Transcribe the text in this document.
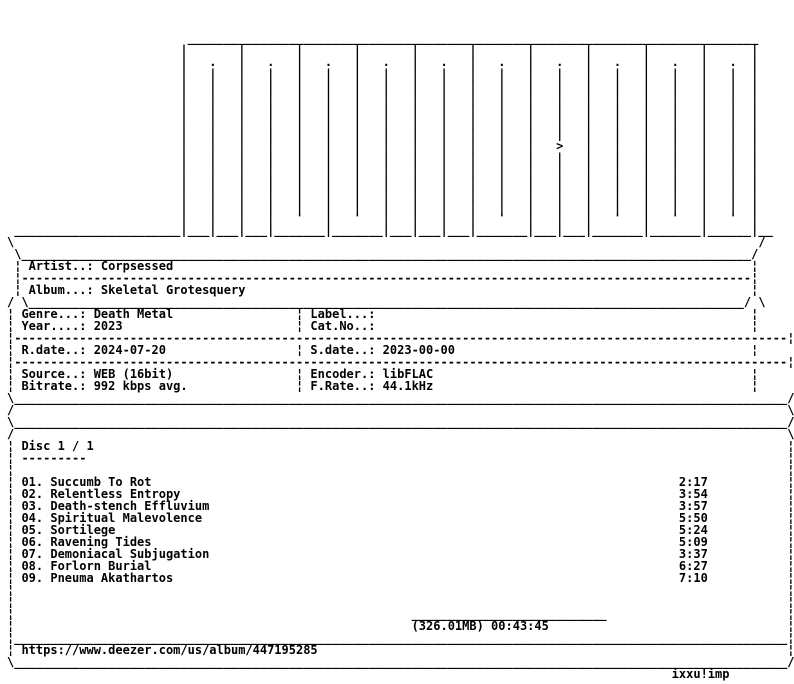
_______________________________________________________________________________
|       |       |       |       |       |       |       |       |       |      |
|   .   |   .   |   .   |   .   |   .   |   .   |   .   |   .   |   .   |   .  |
|   |   |   |   |   |   |   |   |   |   |   |   |   |   |   |   |   |   |   |  |
|   |   |   |   |   |   |   |   |   |   |   |   |   |   |   |   |   |   |   |  |
|   |   |   |   |   |   |   |   |   |   |   |   |   |   |   |   |   |   |   |  |
|   |   |   |   |   |   |   |   |   |   |   |   |   |   |   |   |   |   |   |  |
|   |   |   |   |   |   |   |   |   |   |   |   |   |   |   |   |   |   |   |  |
|   |   |   |   |   |   |   |   |   |   |   |   |   |   |   |   |   |   |   |  |
|   |   |   |   |   |   |   |   |   |   |   |   |   >   |   |   |   |   |   |  |
|   |   |   |   |   |   |   |   |   |   |   |   |   |   |   |   |   |   |   |  |
|   |   |   |   |   |   |   |   |   |   |   |   |   |   |   |   |   |   |   |  |
|   |   |   |   |   |   |   |   |   |   |   |   |   |   |   |   |   |   |   |  |
|   |   |   |   |   |   |   |   |   |   |   |   |   |   |   |   |   |   |   |  |
|   |   |   |   |   |   |   |   |   |   |   |   |   |   |   |   |   |   |   |  |
|   |   |   |   '   |   '   |   |   |   |   '   |   |   |   '   |   '   |   '  |
_______________________|___|___|___|_______|_______|___|___|___|_______|___|___|_______|_______|______|__
\                                                                                                       /
\_____________________________________________________________________________________________________/
¦ Artist..: Corpsessed                                                                                ¦
¦-----------------------------------------------------------------------------------------------------¦
¦ Album...: Skeletal Grotesquery                                                                      ¦
/ \___________________________________________________________________________________________________/ \
¦ Genre...: Death Metal                 ¦ Label...:                                                    ¦
¦ Year....: 2023                        ¦ Cat.No..:                                                    ¦
¦-----------------------------------------------------------------------------------------------------------¦
¦ R.date..: 2024-07-20                  ¦ S.date..: 2023-00-00                                         ¦
¦-----------------------------------------------------------------------------------------------------------¦
¦ Source..: WEB (16bit)                 ¦ Encoder.: libFLAC                                            ¦
¦ Bitrate.: 992 kbps avg.               ¦ F.Rate..: 44.1kHz                                            ¦
\___________________________________________________________________________________________________________/
/                                                                                                           \
\___________________________________________________________________________________________________________/
/                                                                                                           \
¦ Disc 1 / 1                                                                                                ¦
¦ ---------                                                                                                 ¦
¦                                                                                                           ¦
¦ 01. Succumb To Rot                                                                         2:17           ¦
¦ 02. Relentless Entropy                                                                     3:54           ¦
¦ 03. Death-stench Effluvium                                                                 3:57           ¦
¦ 04. Spiritual Malevolence                                                                  5:50           ¦
¦ 05. Sortilege                                                                              5:24           ¦
¦ 06. Ravening Tides                                                                         5:09           ¦
¦ 07. Demoniacal Subjugation                                                                 3:37           ¦
¦ 08. Forlorn Burial                                                                         6:27           ¦
¦ 09. Pneuma Akathartos                                                                      7:10           ¦
¦                                                                                                           ¦
¦                                                                                                           ¦
¦                                                       ___________________________                         ¦
¦                                                       (326.01MB) 00:43:45                                 ¦
¦___________________________________________________________________________________________________________¦
¦ https://www.deezer.com/us/album/447195285                                                                 ¦
\___________________________________________________________________________________________________________/
ixxu!imp
